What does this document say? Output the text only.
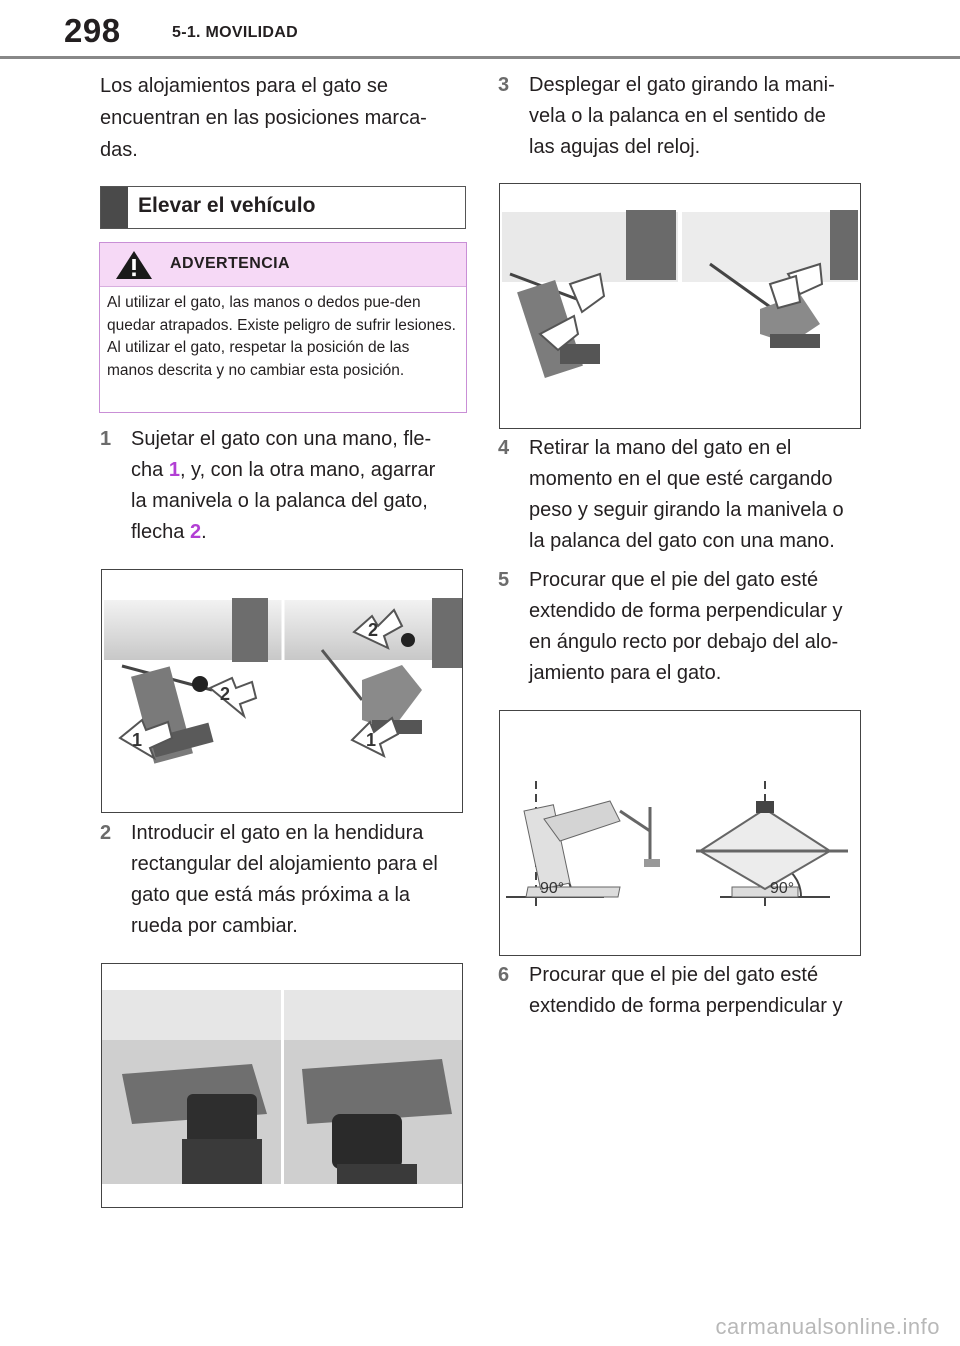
298	5-1. MOVILIDAD
Los alojamientos para el gato se encuentran en las posiciones marca-das.
Elevar el vehículo
ADVERTENCIA
Al utilizar el gato, las manos o dedos pue-den quedar atrapados. Existe peligro de sufrir lesiones. Al utilizar el gato, respetar la posición de las manos descrita y no cambiar esta posición.
1 Sujetar el gato con una mano, fle-
cha 1, y, con la otra mano, agarrar
la manivela o la palanca del gato,
flecha 2.
1
2
2
1
2 Introducir el gato en la hendidura
rectangular del alojamiento para el
gato que está más próxima a la
rueda por cambiar.
3 Desplegar el gato girando la mani-
vela o la palanca en el sentido de
las agujas del reloj.
4 Retirar la mano del gato en el
momento en el que esté cargando
peso y seguir girando la manivela o
la palanca del gato con una mano.
5 Procurar que el pie del gato esté
extendido de forma perpendicular y
en ángulo recto por debajo del alo-
jamiento para el gato.
90°	90°
6 Procurar que el pie del gato esté
extendido de forma perpendicular y
carmanualsonline.info
